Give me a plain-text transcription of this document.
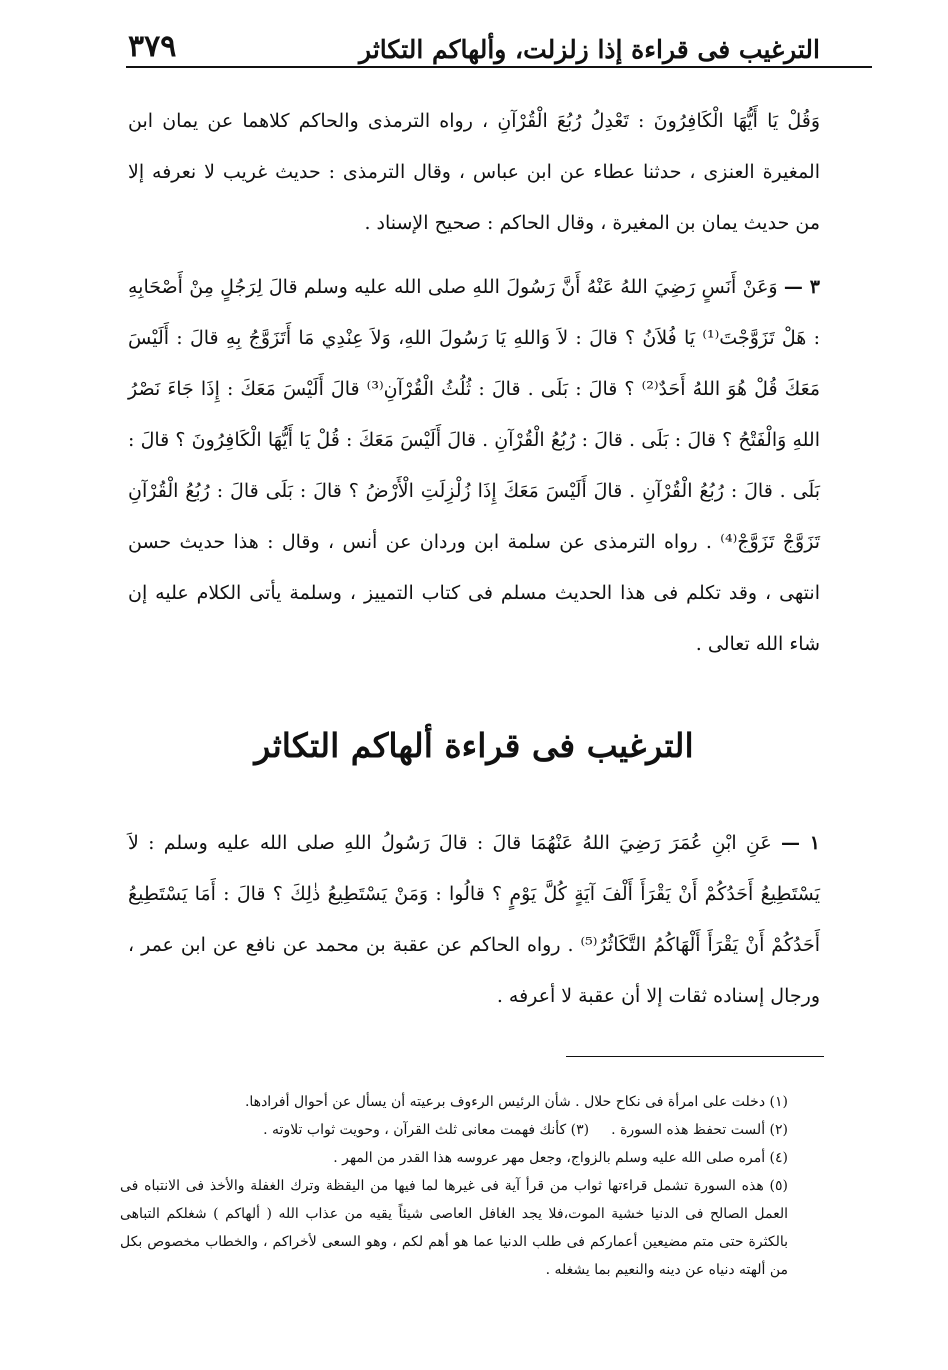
الترغيب فى قراءة إذا زلزلت، وألهاكم التكاثر
٣٧٩

وَقُلْ يَا أَيُّهَا الْكَافِرُونَ : تَعْدِلُ رُبُعَ الْقُرْآنِ ، رواه الترمذى والحاكم كلاهما عن يمان ابن المغيرة العنزى ، حدثنا عطاء عن ابن عباس ، وقال الترمذى : حديث غريب لا نعرفه إلا من حديث يمان بن المغيرة ، وقال الحاكم : صحيح الإسناد .

٣ — وَعَنْ أَنَسٍ رَضِيَ اللهُ عَنْهُ أَنَّ رَسُولَ اللهِ صلى الله عليه وسلم قالَ لِرَجُلٍ مِنْ أَصْحَابِهِ : هَلْ تَزَوَّجْتَ⁽¹⁾ يَا فُلاَنُ ؟ قالَ : لاَ وَاللهِ يَا رَسُولَ اللهِ، وَلاَ عِنْدِي مَا أَتَزَوَّجُ بِهِ قالَ : أَلَيْسَ مَعَكَ قُلْ هُوَ اللهُ أَحَدٌ⁽²⁾ ؟ قالَ : بَلَى . قالَ : ثُلُثُ الْقُرْآنِ⁽³⁾ قالَ أَلَيْسَ مَعَكَ : إِذَا جَاءَ نَصْرُ اللهِ وَالْفَتْحُ ؟ قالَ : بَلَى . قالَ : رُبُعُ الْقُرْآنِ . قالَ أَلَيْسَ مَعَكَ : قُلْ يَا أَيُّهَا الْكَافِرُونَ ؟ قالَ : بَلَى . قالَ : رُبُعُ الْقُرْآنِ . قالَ أَلَيْسَ مَعَكَ إِذَا زُلْزِلَتِ الْأَرْضُ ؟ قالَ : بَلَى قالَ : رُبُعُ الْقُرْآنِ تَزَوَّجْ تَزَوَّجْ⁽⁴⁾ . رواه الترمذى عن سلمة ابن وردان عن أنس ، وقال : هذا حديث حسن انتهى ، وقد تكلم فى هذا الحديث مسلم فى كتاب التمييز ، وسلمة يأتى الكلام عليه إن شاء الله تعالى .

الترغيب فى قراءة ألهاكم التكاثر

١ — عَنِ ابْنِ عُمَرَ رَضِيَ اللهُ عَنْهُمَا قالَ : قالَ رَسُولُ اللهِ صلى الله عليه وسلم : لاَ يَسْتَطِيعُ أَحَدُكُمْ أَنْ يَقْرَأَ أَلْفَ آيَةٍ كُلَّ يَوْمٍ ؟ قالُوا : وَمَنْ يَسْتَطِيعُ ذٰلِكَ ؟ قالَ : أَمَا يَسْتَطِيعُ أَحَدُكُمْ أَنْ يَقْرَأَ أَلْهَاكُمُ التَّكَاثُرُ⁽⁵⁾ . رواه الحاكم عن عقبة بن محمد عن نافع عن ابن عمر ، ورجال إسناده ثقات إلا أن عقبة لا أعرفه .

(١) دخلت على امرأة فى نكاح حلال . شأن الرئيس الرءوف برعيته أن يسأل عن أحوال أفرادها.

(٢) ألست تحفظ هذه السورة .
(٣) كأنك فهمت معانى ثلث القرآن ، وحويت ثواب تلاوته .

(٤) أمره صلى الله عليه وسلم بالزواج، وجعل مهر عروسه هذا القدر من المهر .

(٥) هذه السورة تشمل قراءتها ثواب من قرأ آية فى غيرها لما فيها من اليقظة وترك الغفلة والأخذ فى الانتباه فى العمل الصالح فى الدنيا خشية الموت،فلا يجد الغافل العاصى شيئاً يقيه من عذاب الله ( ألهاكم ) شغلكم التباهى بالكثرة حتى متم مضيعين أعماركم فى طلب الدنيا عما هو أهم لكم ، وهو السعى لأخراكم ، والخطاب مخصوص بكل من ألهته دنياه عن دينه والنعيم بما يشغله .
